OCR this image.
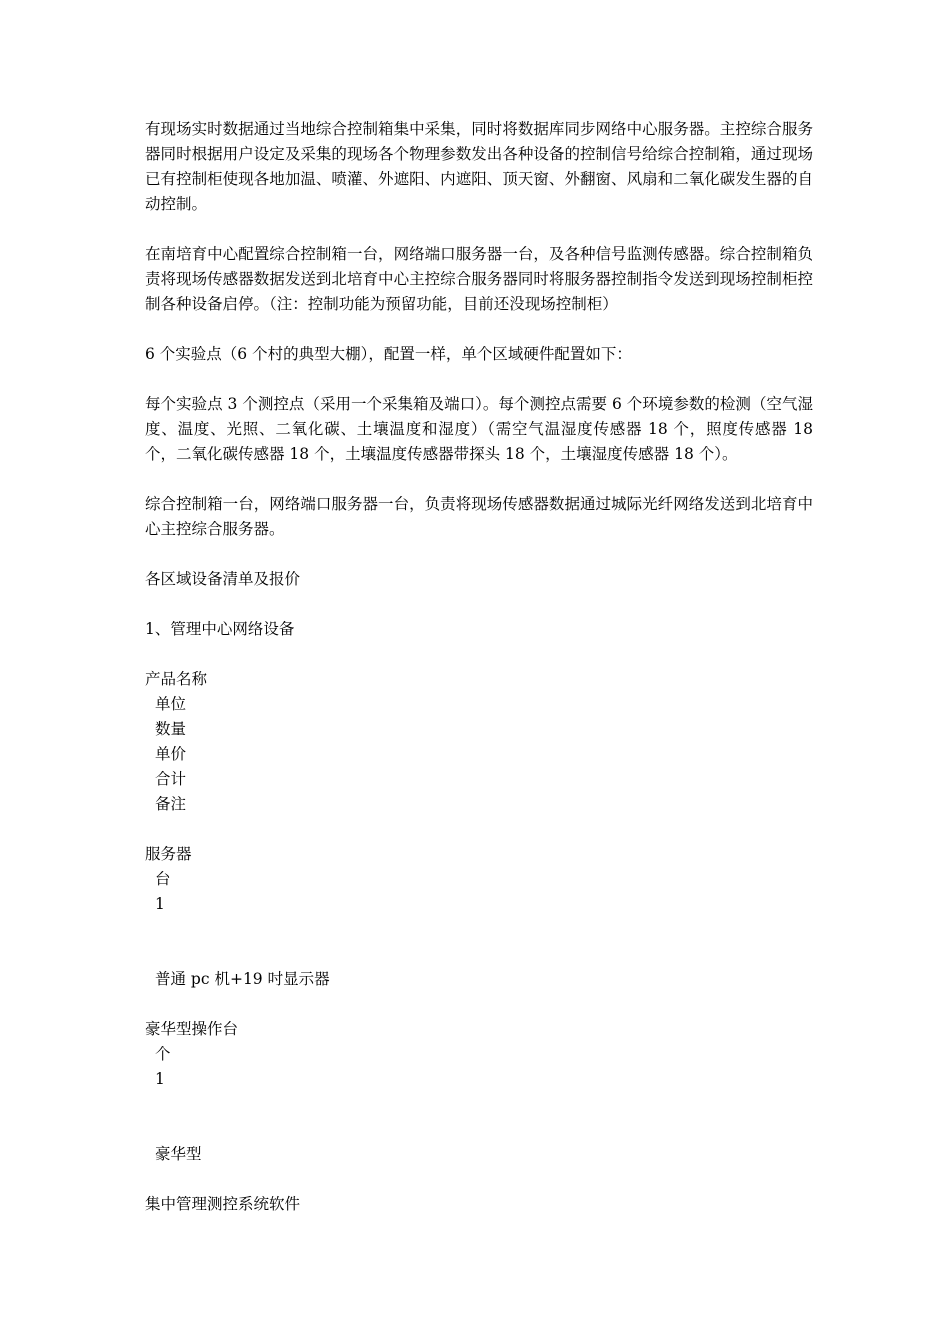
有现场实时数据通过当地综合控制箱集中采集，同时将数据库同步网络中心服务器。主控综合服务器同时根据用户设定及采集的现场各个物理参数发出各种设备的控制信号给综合控制箱，通过现场已有控制柜使现各地加温、喷灌、外遮阳、内遮阳、顶天窗、外翻窗、风扇和二氧化碳发生器的自动控制。

在南培育中心配置综合控制箱一台，网络端口服务器一台，及各种信号监测传感器。综合控制箱负责将现场传感器数据发送到北培育中心主控综合服务器同时将服务器控制指令发送到现场控制柜控制各种设备启停。（注：控制功能为预留功能，目前还没现场控制柜）

6 个实验点（6 个村的典型大棚），配置一样，单个区域硬件配置如下：

每个实验点 3 个测控点（采用一个采集箱及端口）。每个测控点需要 6 个环境参数的检测（空气湿度、温度、光照、二氧化碳、土壤温度和湿度）（需空气温湿度传感器 18 个，照度传感器 18 个，二氧化碳传感器 18 个，土壤温度传感器带探头 18 个，土壤湿度传感器 18 个）。

综合控制箱一台，网络端口服务器一台，负责将现场传感器数据通过城际光纤网络发送到北培育中心主控综合服务器。

各区域设备清单及报价

1、管理中心网络设备

产品名称
单位
数量
单价
合计
备注
服务器
台
1
普通 pc 机+19 吋显示器
豪华型操作台
个
1
豪华型
集中管理测控系统软件
